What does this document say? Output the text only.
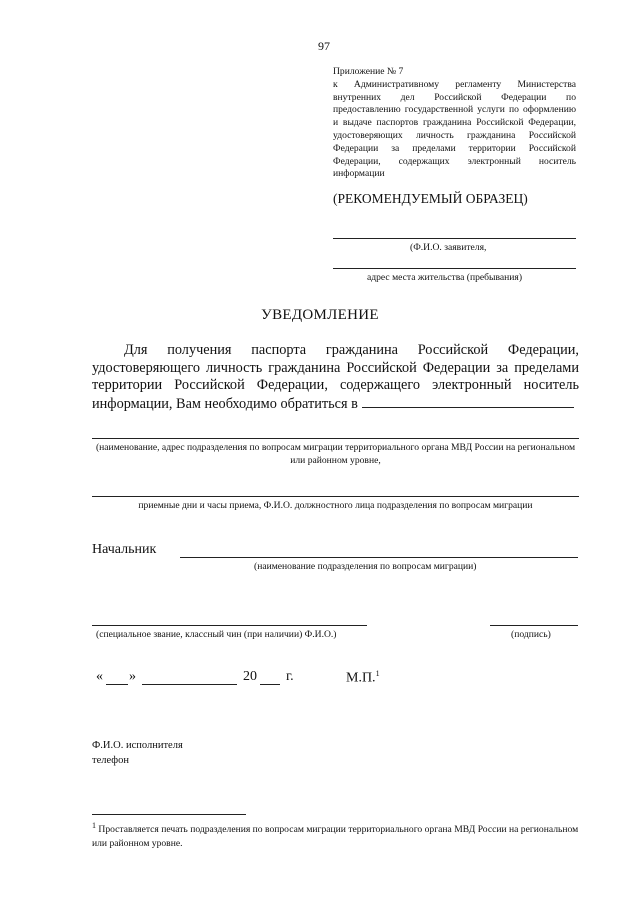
97

Приложение № 7

к Административному регламенту Министерства внутренних дел Российской Федерации по предоставлению государственной услуги по оформлению и выдаче паспортов гражданина Российской Федерации, удостоверяющих личность гражданина Российской Федерации за пределами территории Российской Федерации, содержащих электронный носитель информации

(РЕКОМЕНДУЕМЫЙ ОБРАЗЕЦ)
(Ф.И.О. заявителя,
адрес места жительства (пребывания)
УВЕДОМЛЕНИЕ
Для получения паспорта гражданина Российской Федерации, удостоверяющего личность гражданина Российской Федерации за пределами территории Российской Федерации, содержащего электронный носитель информации, Вам необходимо обратиться в
(наименование, адрес подразделения по вопросам миграции территориального органа МВД России на региональном или районном уровне,
приемные дни и часы приема, Ф.И.О. должностного лица подразделения по вопросам миграции
Начальник
(наименование подразделения по вопросам миграции)
(специальное звание, классный чин (при наличии) Ф.И.О.)	(подпись)
« »	20 г.	М.П.$^1$
Ф.И.О. исполнителя
телефон
$^1$ Проставляется печать подразделения по вопросам миграции территориального органа МВД России на региональном или районном уровне.
